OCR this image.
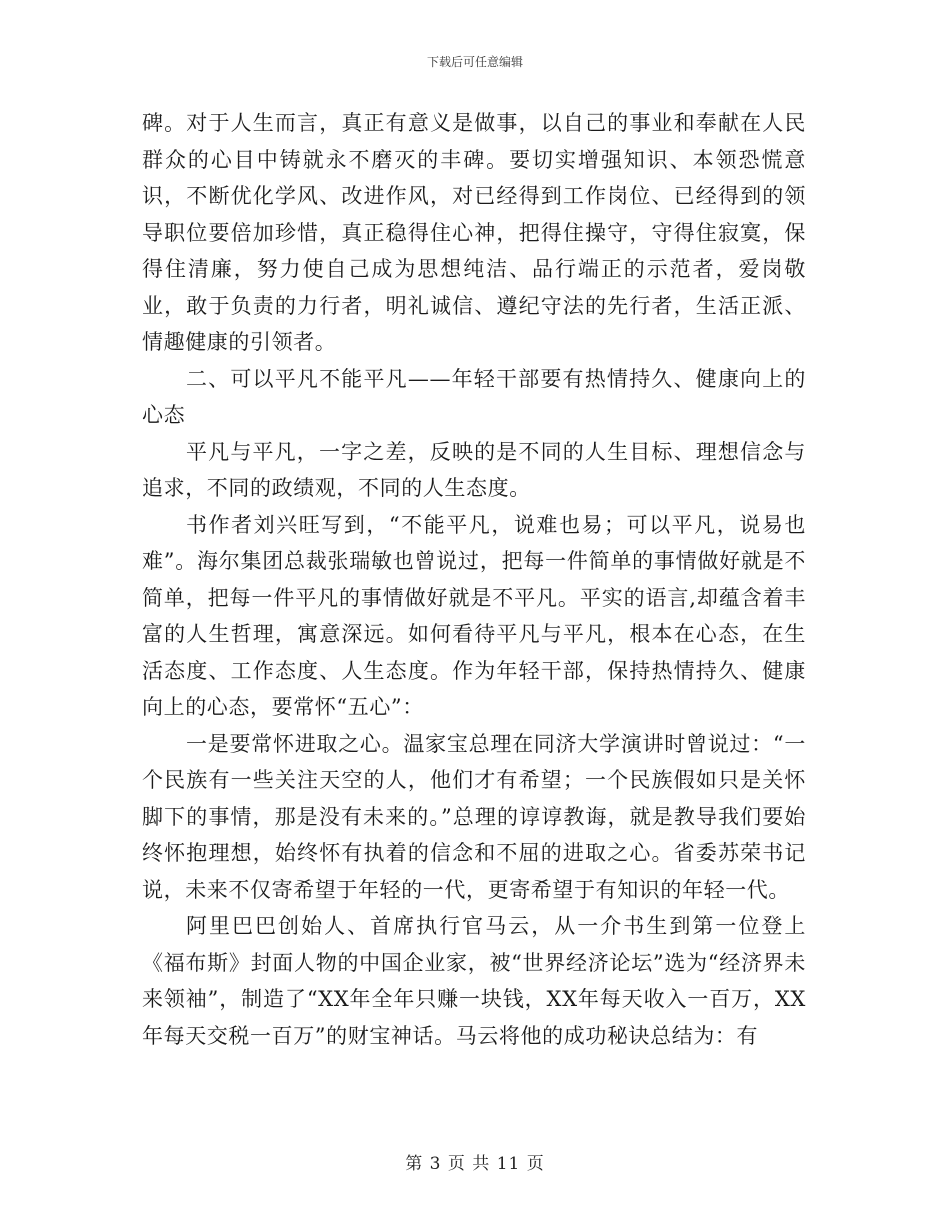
下载后可任意编辑

碑。对于人生而言，真正有意义是做事，以自己的事业和奉献在人民群众的心目中铸就永不磨灭的丰碑。要切实增强知识、本领恐慌意识，不断优化学风、改进作风，对已经得到工作岗位、已经得到的领导职位要倍加珍惜，真正稳得住心神，把得住操守，守得住寂寞，保得住清廉，努力使自己成为思想纯洁、品行端正的示范者，爱岗敬业，敢于负责的力行者，明礼诚信、遵纪守法的先行者，生活正派、情趣健康的引领者。

二、可以平凡不能平凡——年轻干部要有热情持久、健康向上的心态

平凡与平凡，一字之差，反映的是不同的人生目标、理想信念与追求，不同的政绩观，不同的人生态度。

书作者刘兴旺写到，“不能平凡，说难也易；可以平凡，说易也难”。海尔集团总裁张瑞敏也曾说过，把每一件简单的事情做好就是不简单，把每一件平凡的事情做好就是不平凡。平实的语言,却蕴含着丰富的人生哲理，寓意深远。如何看待平凡与平凡，根本在心态，在生活态度、工作态度、人生态度。作为年轻干部，保持热情持久、健康向上的心态，要常怀“五心”：

一是要常怀进取之心。温家宝总理在同济大学演讲时曾说过：“一个民族有一些关注天空的人，他们才有希望；一个民族假如只是关怀脚下的事情，那是没有未来的。”总理的谆谆教诲，就是教导我们要始终怀抱理想，始终怀有执着的信念和不屈的进取之心。省委苏荣书记说，未来不仅寄希望于年轻的一代，更寄希望于有知识的年轻一代。

阿里巴巴创始人、首席执行官马云，从一介书生到第一位登上《福布斯》封面人物的中国企业家，被“世界经济论坛”选为“经济界未来领袖”，制造了“XX年全年只赚一块钱，XX年每天收入一百万，XX年每天交税一百万”的财宝神话。马云将他的成功秘诀总结为：有

第 3 页 共 11 页
